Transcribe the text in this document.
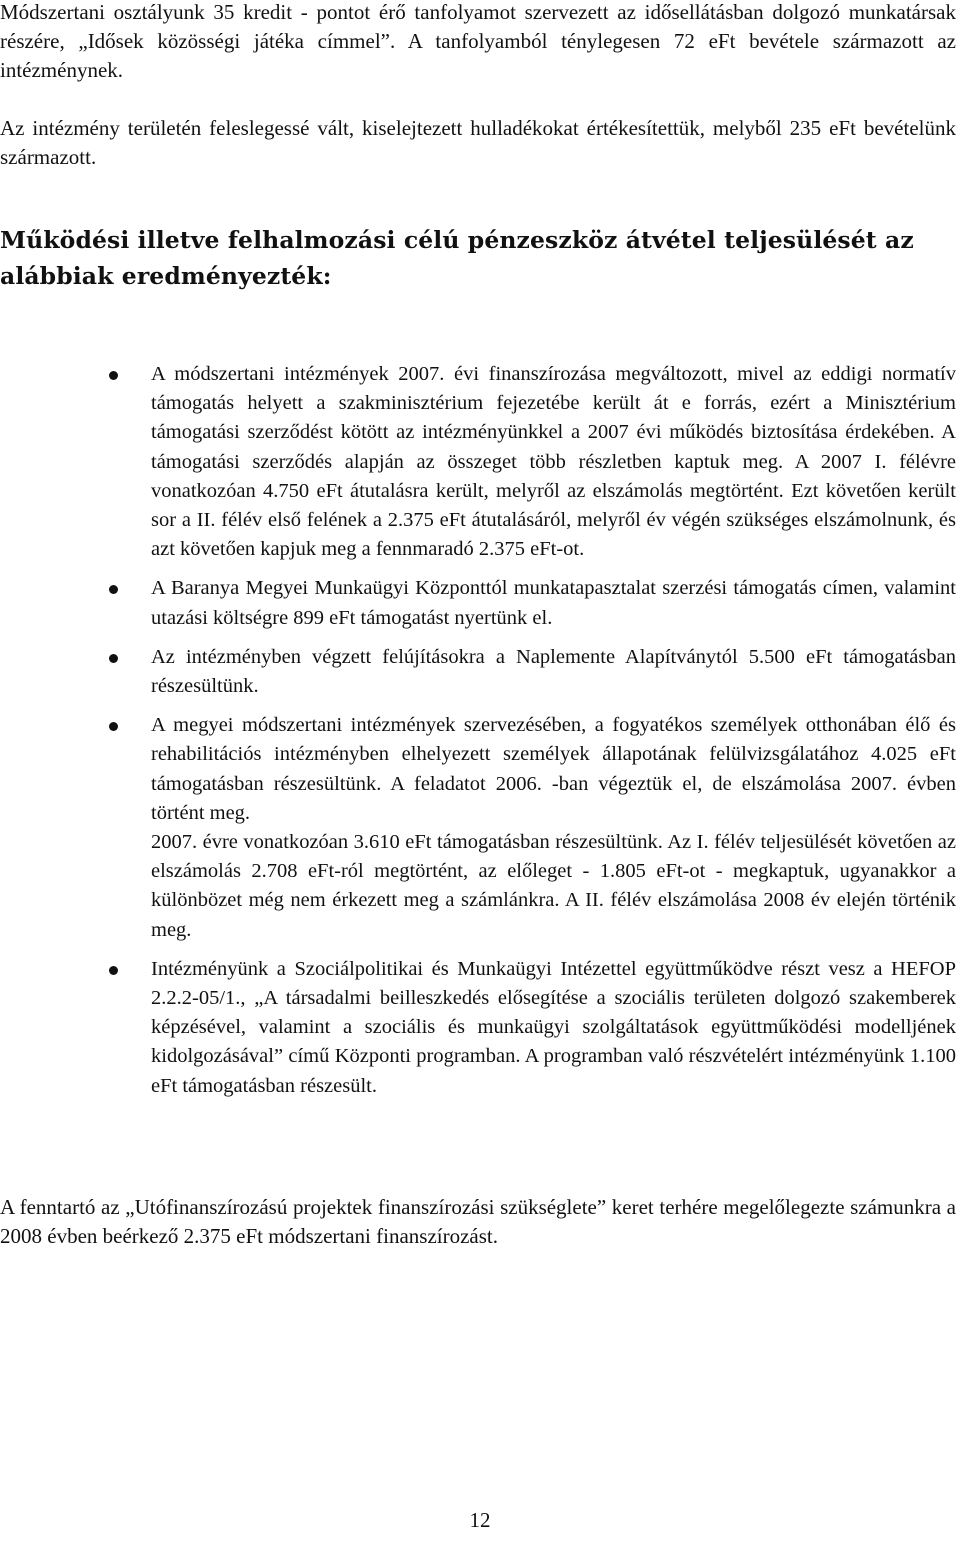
Módszertani osztályunk 35 kredit - pontot érő tanfolyamot szervezett az idősellátásban dolgozó munkatársak részére, „Idősek közösségi játéka címmel”. A tanfolyamból ténylegesen 72 eFt bevétele származott az intézménynek.

Az intézmény területén feleslegessé vált, kiselejtezett hulladékokat értékesítettük, melyből 235 eFt bevételünk származott.

Működési illetve felhalmozási célú pénzeszköz átvétel teljesülését az alábbiak eredményezték:

A módszertani intézmények 2007. évi finanszírozása megváltozott, mivel az eddigi normatív támogatás helyett a szakminisztérium fejezetébe került át e forrás, ezért a Minisztérium támogatási szerződést kötött az intézményünkkel a 2007 évi működés biztosítása érdekében. A támogatási szerződés alapján az összeget több részletben kaptuk meg. A 2007 I. félévre vonatkozóan 4.750 eFt átutalásra került, melyről az elszámolás megtörtént. Ezt követően került sor a II. félév első felének a 2.375 eFt átutalásáról, melyről év végén szükséges elszámolnunk, és azt követően kapjuk meg a fennmaradó 2.375 eFt-ot.

A Baranya Megyei Munkaügyi Központtól munkatapasztalat szerzési támogatás címen, valamint utazási költségre 899 eFt támogatást nyertünk el.

Az intézményben végzett felújításokra a Naplemente Alapítványtól 5.500 eFt támogatásban részesültünk.

A megyei módszertani intézmények szervezésében, a fogyatékos személyek otthonában élő és rehabilitációs intézményben elhelyezett személyek állapotának felülvizsgálatához 4.025 eFt támogatásban részesültünk. A feladatot 2006. -ban végeztük el, de elszámolása 2007. évben történt meg.

2007. évre vonatkozóan 3.610 eFt támogatásban részesültünk. Az I. félév teljesülését követően az elszámolás 2.708 eFt-ról megtörtént, az előleget - 1.805 eFt-ot - megkaptuk, ugyanakkor a különbözet még nem érkezett meg a számlánkra. A II. félév elszámolása 2008 év elején történik meg.

Intézményünk a Szociálpolitikai és Munkaügyi Intézettel együttműködve részt vesz a HEFOP 2.2.2-05/1., „A társadalmi beilleszkedés elősegítése a szociális területen dolgozó szakemberek képzésével, valamint a szociális és munkaügyi szolgáltatások együttműködési modelljének kidolgozásával” című Központi programban. A programban való részvételért intézményünk 1.100 eFt támogatásban részesült.

A fenntartó az „Utófinanszírozású projektek finanszírozási szükséglete” keret terhére megelőlegezte számunkra a 2008 évben beérkező 2.375 eFt módszertani finanszírozást.

12
